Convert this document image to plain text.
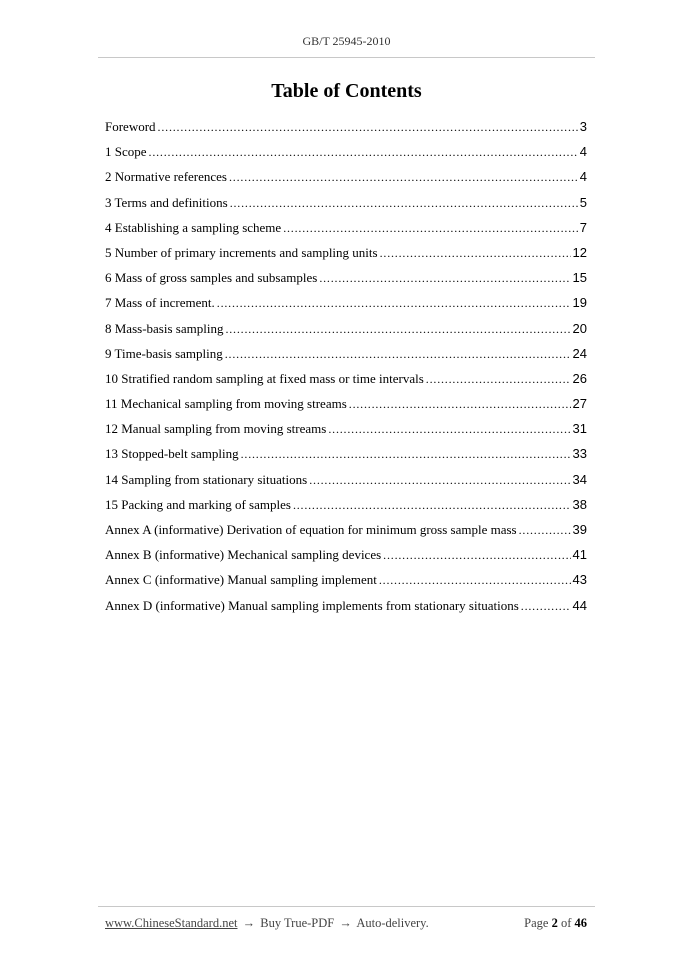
GB/T 25945-2010
Table of Contents
Foreword .....	3
1 Scope .....	4
2 Normative references .....	4
3 Terms and definitions .....	5
4 Establishing a sampling scheme .....	7
5 Number of primary increments and sampling units .....	12
6 Mass of gross samples and subsamples .....	15
7 Mass of increment. .....	19
8 Mass-basis sampling .....	20
9 Time-basis sampling .....	24
10 Stratified random sampling at fixed mass or time intervals .....	26
11 Mechanical sampling from moving streams .....	27
12 Manual sampling from moving streams .....	31
13 Stopped-belt sampling .....	33
14 Sampling from stationary situations .....	34
15 Packing and marking of samples .....	38
Annex A (informative) Derivation of equation for minimum gross sample mass .....	39
Annex B (informative) Mechanical sampling devices .....	41
Annex C (informative) Manual sampling implement .....	43
Annex D (informative) Manual sampling implements from stationary situations .....	44
www.ChineseStandard.net → Buy True-PDF → Auto-delivery.	Page 2 of 46
